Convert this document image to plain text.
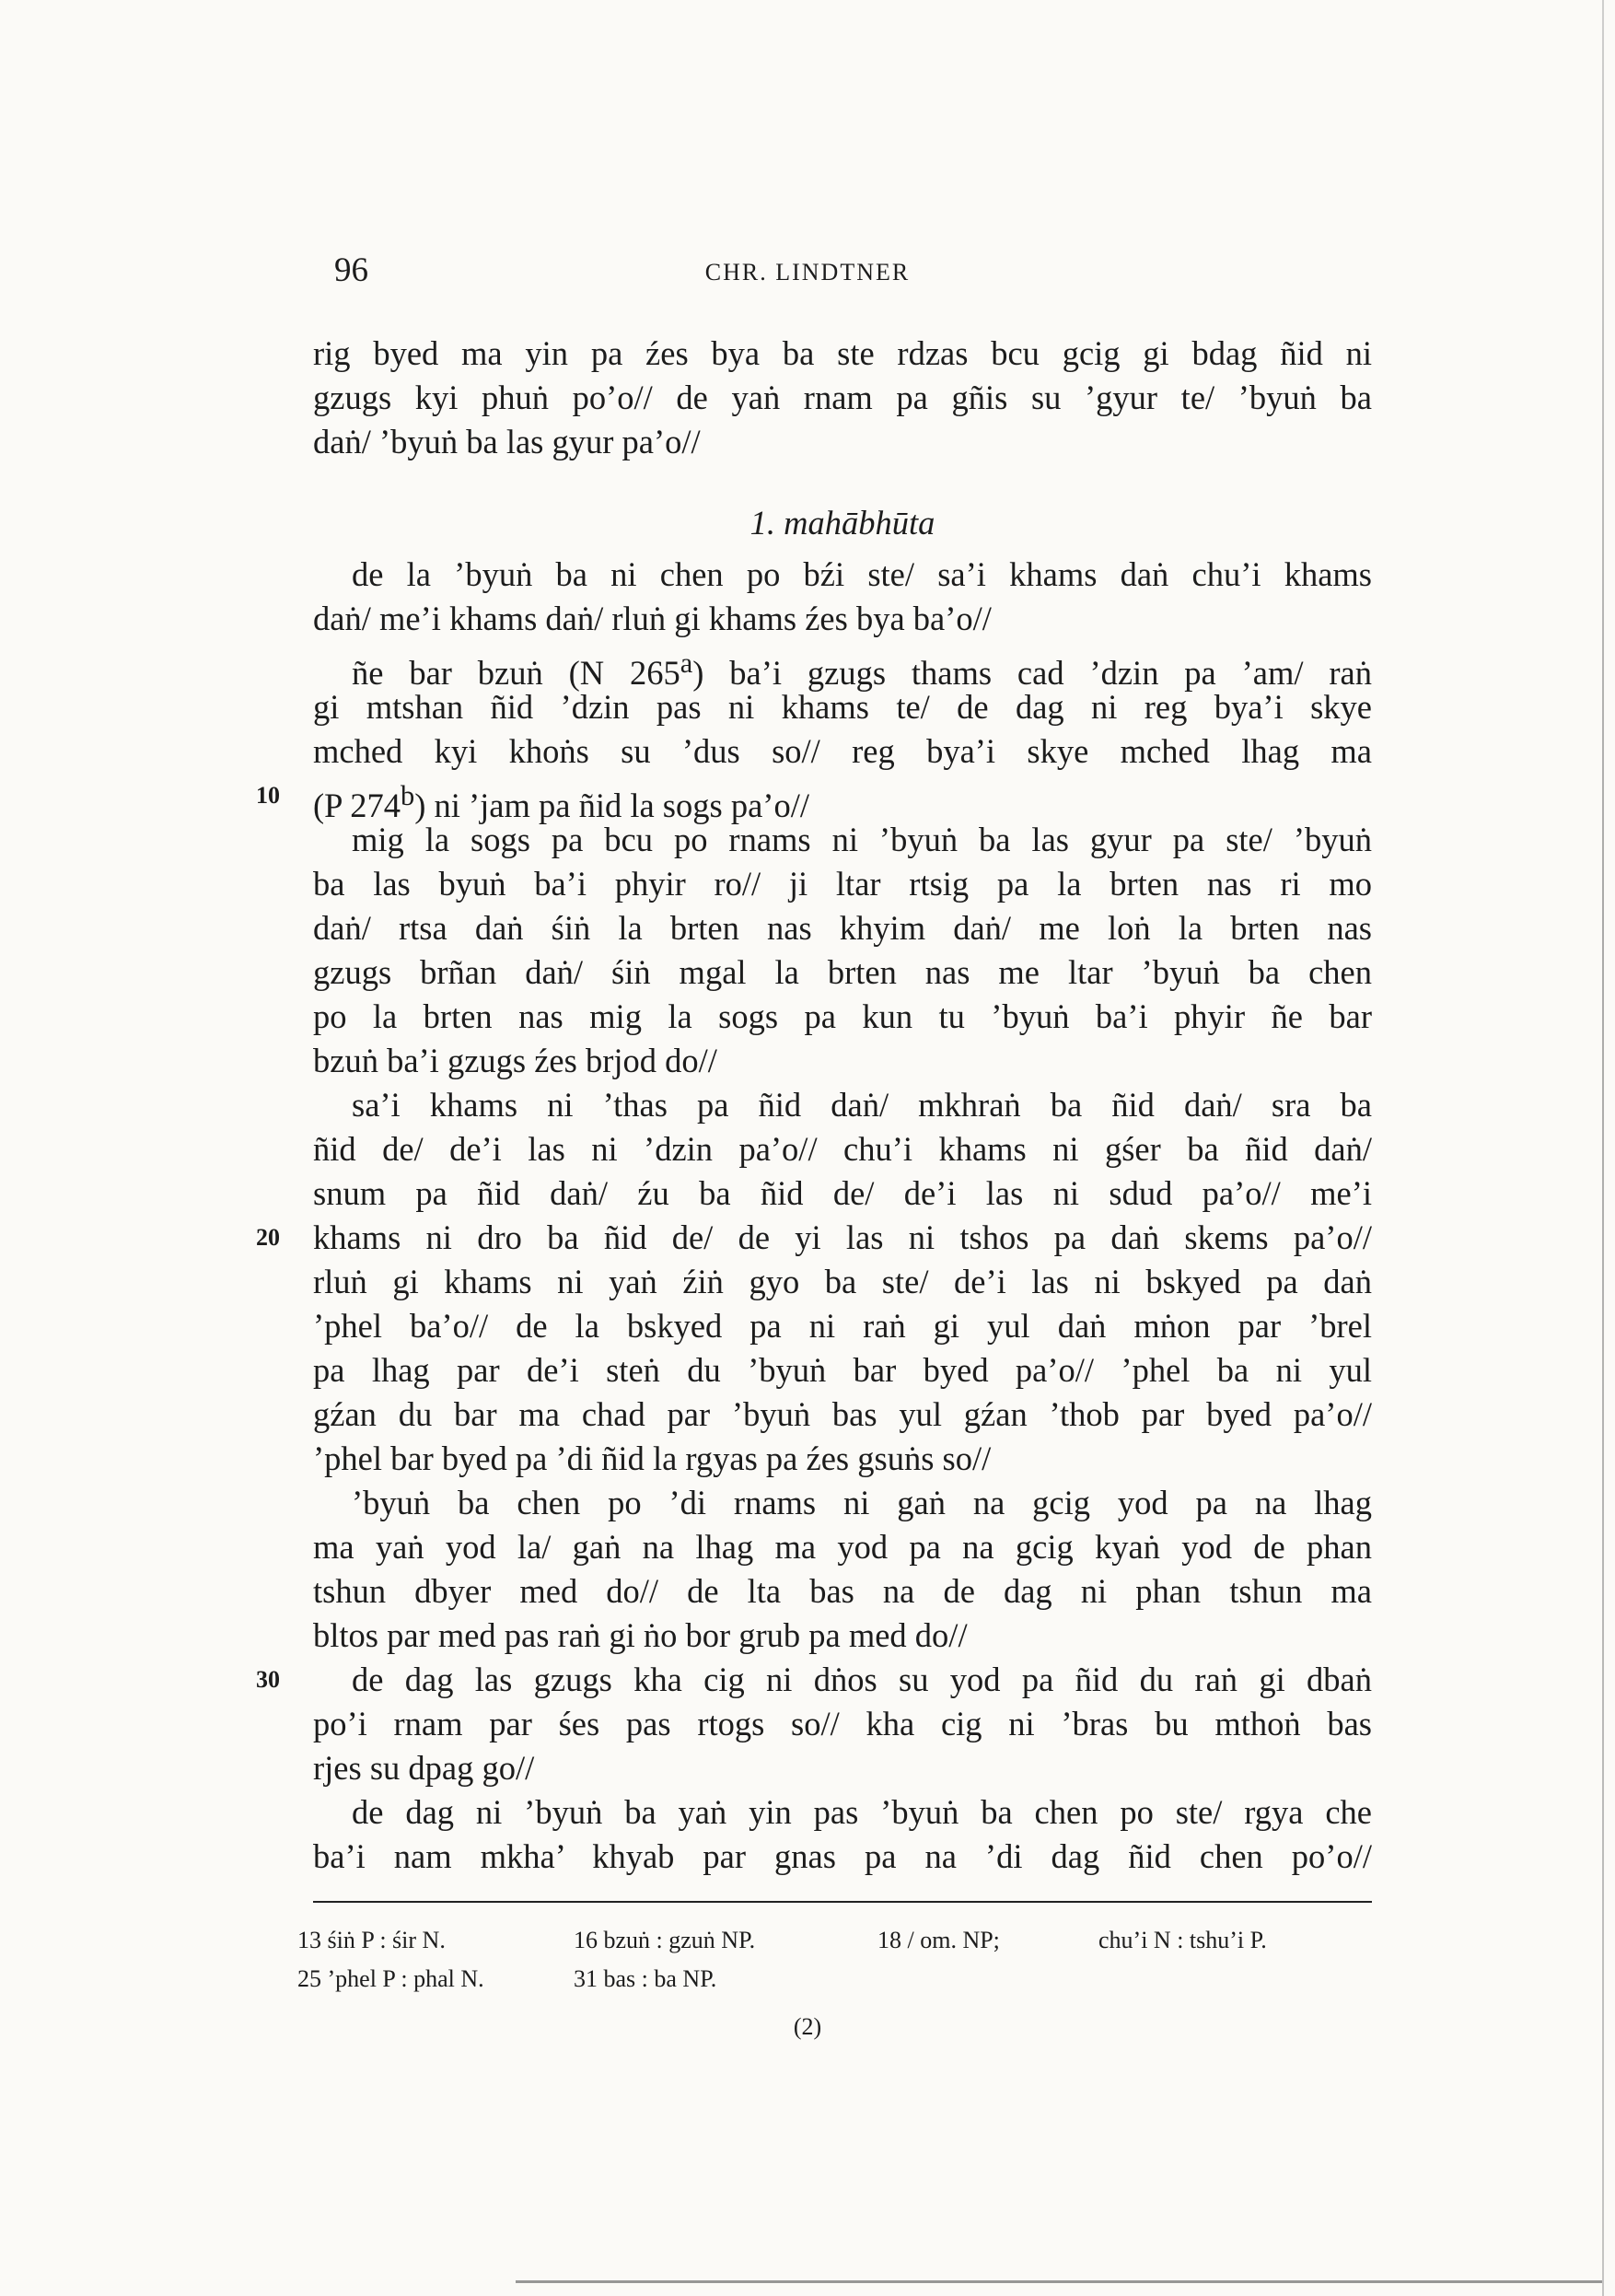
96	CHR. LINDTNER
rig byed ma yin pa źes bya ba ste rdzas bcu gcig gi bdag ñid ni
gzugs kyi phuṅ po’o// de yaṅ rnam pa gñis su ’gyur te/ ’byuṅ ba
daṅ/ ’byuṅ ba las gyur pa’o//
1. mahābhūta
de la ’byuṅ ba ni chen po bźi ste/ sa’i khams daṅ chu’i khams
daṅ/ me’i khams daṅ/ rluṅ gi khams źes bya ba’o//
ñe bar bzuṅ (N 265$^a$) ba’i gzugs thams cad ’dzin pa ’am/ raṅ
gi mtshan ñid ’dzin pas ni khams te/ de dag ni reg bya’i skye
mched kyi khoṅs su ’dus so// reg bya’i skye mched lhag ma
10 (P 274$^b$) ni ’jam pa ñid la sogs pa’o//
mig la sogs pa bcu po rnams ni ’byuṅ ba las gyur pa ste/ ’byuṅ
ba las byuṅ ba’i phyir ro// ji ltar rtsig pa la brten nas ri mo
daṅ/ rtsa daṅ śiṅ la brten nas khyim daṅ/ me loṅ la brten nas
gzugs brñan daṅ/ śiṅ mgal la brten nas me ltar ’byuṅ ba chen
po la brten nas mig la sogs pa kun tu ’byuṅ ba’i phyir ñe bar
bzuṅ ba’i gzugs źes brjod do//
sa’i khams ni ’thas pa ñid daṅ/ mkhraṅ ba ñid daṅ/ sra ba
ñid de/ de’i las ni ’dzin pa’o// chu’i khams ni gśer ba ñid daṅ/
snum pa ñid daṅ/ źu ba ñid de/ de’i las ni sdud pa’o// me’i
20 khams ni dro ba ñid de/ de yi las ni tshos pa daṅ skems pa’o//
rluṅ gi khams ni yaṅ źiṅ gyo ba ste/ de’i las ni bskyed pa daṅ
’phel ba’o// de la bskyed pa ni raṅ gi yul daṅ mṅon par ’brel
pa lhag par de’i steṅ du ’byuṅ bar byed pa’o// ’phel ba ni yul
gźan du bar ma chad par ’byuṅ bas yul gźan ’thob par byed pa’o//
’phel bar byed pa ’di ñid la rgyas pa źes gsuṅs so//
’byuṅ ba chen po ’di rnams ni gaṅ na gcig yod pa na lhag
ma yaṅ yod la/ gaṅ na lhag ma yod pa na gcig kyaṅ yod de phan
tshun dbyer med do// de lta bas na de dag ni phan tshun ma
bltos par med pas raṅ gi ṅo bor grub pa med do//
30 de dag las gzugs kha cig ni dṅos su yod pa ñid du raṅ gi dbaṅ
po’i rnam par śes pas rtogs so// kha cig ni ’bras bu mthoṅ bas
rjes su dpag go//
de dag ni ’byuṅ ba yaṅ yin pas ’byuṅ ba chen po ste/ rgya che
ba’i nam mkha’ khyab par gnas pa na ’di dag ñid chen po’o//
13 śiṅ P : śir N.	16 bzuṅ : gzuṅ NP.	18 / om. NP;	chu’i N : tshu’i P.
25 ’phel P : phal N.	31 bas : ba NP.
(2)
